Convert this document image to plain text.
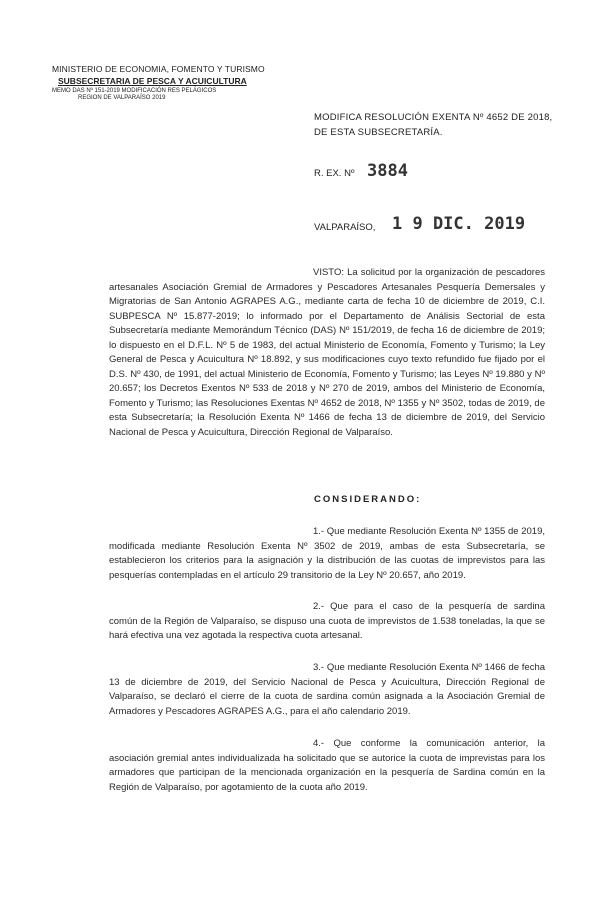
MINISTERIO DE ECONOMIA, FOMENTO Y TURISMO
SUBSECRETARIA DE PESCA Y ACUICULTURA
MEMO DAS Nº 151-2019 MODIFICACIÓN RES PELÁGICOS
REGION DE VALPARAÍSO 2019
MODIFICA RESOLUCIÓN EXENTA Nº 4652 DE 2018,
DE ESTA SUBSECRETARÍA.
R. EX. Nº 3884
VALPARAÍSO, 1 9 DIC. 2019
VISTO: La solicitud por la organización de pescadores artesanales Asociación Gremial de Armadores y Pescadores Artesanales Pesquería Demersales y Migratorias de San Antonio AGRAPES A.G., mediante carta de fecha 10 de diciembre de 2019, C.I. SUBPESCA Nº 15.877-2019; lo informado por el Departamento de Análisis Sectorial de esta Subsecretaría mediante Memorándum Técnico (DAS) Nº 151/2019, de fecha 16 de diciembre de 2019; lo dispuesto en el D.F.L. Nº 5 de 1983, del actual Ministerio de Economía, Fomento y Turismo; la Ley General de Pesca y Acuicultura Nº 18.892, y sus modificaciones cuyo texto refundido fue fijado por el D.S. Nº 430, de 1991, del actual Ministerio de Economía, Fomento y Turismo; las Leyes Nº 19.880 y Nº 20.657; los Decretos Exentos Nº 533 de 2018 y Nº 270 de 2019, ambos del Ministerio de Economía, Fomento y Turismo; las Resoluciones Exentas Nº 4652 de 2018, Nº 1355 y Nº 3502, todas de 2019, de esta Subsecretaría; la Resolución Exenta Nº 1466 de fecha 13 de diciembre de 2019, del Servicio Nacional de Pesca y Acuicultura, Dirección Regional de Valparaíso.
CONSIDERANDO:
1.- Que mediante Resolución Exenta Nº 1355 de 2019, modificada mediante Resolución Exenta Nº 3502 de 2019, ambas de esta Subsecretaría, se establecieron los criterios para la asignación y la distribución de las cuotas de imprevistos para las pesquerías contempladas en el artículo 29 transitorio de la Ley Nº 20.657, año 2019.
2.- Que para el caso de la pesquería de sardina común de la Región de Valparaíso, se dispuso una cuota de imprevistos de 1.538 toneladas, la que se hará efectiva una vez agotada la respectiva cuota artesanal.
3.- Que mediante Resolución Exenta Nº 1466 de fecha 13 de diciembre de 2019, del Servicio Nacional de Pesca y Acuicultura, Dirección Regional de Valparaíso, se declaró el cierre de la cuota de sardina común asignada a la Asociación Gremial de Armadores y Pescadores AGRAPES A.G., para el año calendario 2019.
4.- Que conforme la comunicación anterior, la asociación gremial antes individualizada ha solicitado que se autorice la cuota de imprevistas para los armadores que participan de la mencionada organización en la pesquería de Sardina común en la Región de Valparaíso, por agotamiento de la cuota año 2019.
